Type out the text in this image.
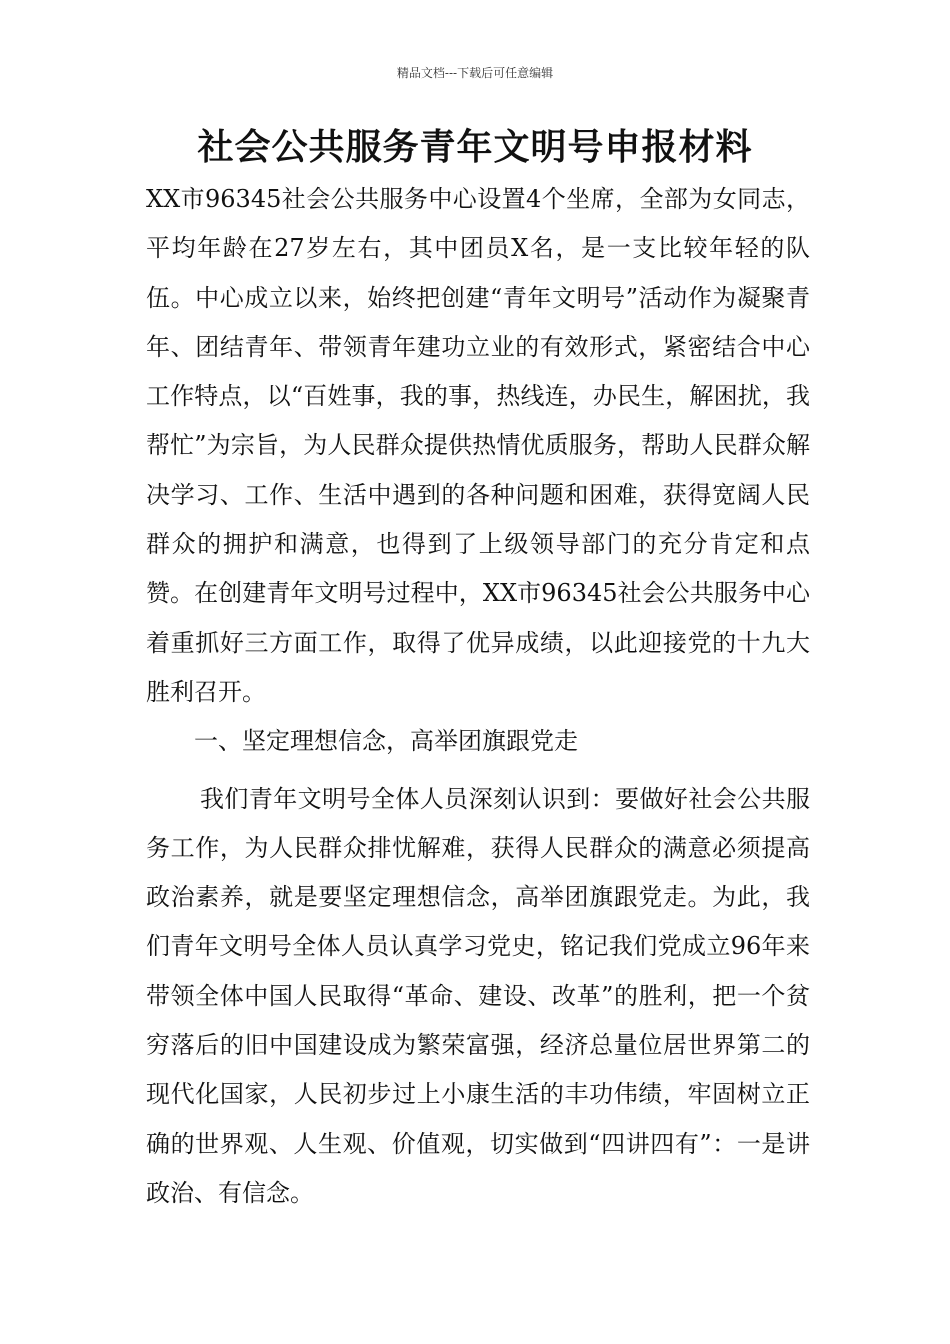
精品文档---下载后可任意编辑
社会公共服务青年文明号申报材料

XX市96345社会公共服务中心设置4个坐席，全部为女同志，平均年龄在27岁左右，其中团员X名，是一支比较年轻的队伍。中心成立以来，始终把创建“青年文明号”活动作为凝聚青年、团结青年、带领青年建功立业的有效形式，紧密结合中心工作特点，以“百姓事，我的事，热线连，办民生，解困扰，我帮忙”为宗旨，为人民群众提供热情优质服务，帮助人民群众解决学习、工作、生活中遇到的各种问题和困难，获得宽阔人民群众的拥护和满意，也得到了上级领导部门的充分肯定和点赞。在创建青年文明号过程中，XX市96345社会公共服务中心着重抓好三方面工作，取得了优异成绩，以此迎接党的十九大胜利召开。

一、坚定理想信念，高举团旗跟党走

我们青年文明号全体人员深刻认识到：要做好社会公共服务工作，为人民群众排忧解难，获得人民群众的满意必须提高政治素养，就是要坚定理想信念，高举团旗跟党走。为此，我们青年文明号全体人员认真学习党史，铭记我们党成立96年来带领全体中国人民取得“革命、建设、改革”的胜利，把一个贫穷落后的旧中国建设成为繁荣富强，经济总量位居世界第二的现代化国家，人民初步过上小康生活的丰功伟绩，牢固树立正确的世界观、人生观、价值观，切实做到“四讲四有”：一是讲政治、有信念。
